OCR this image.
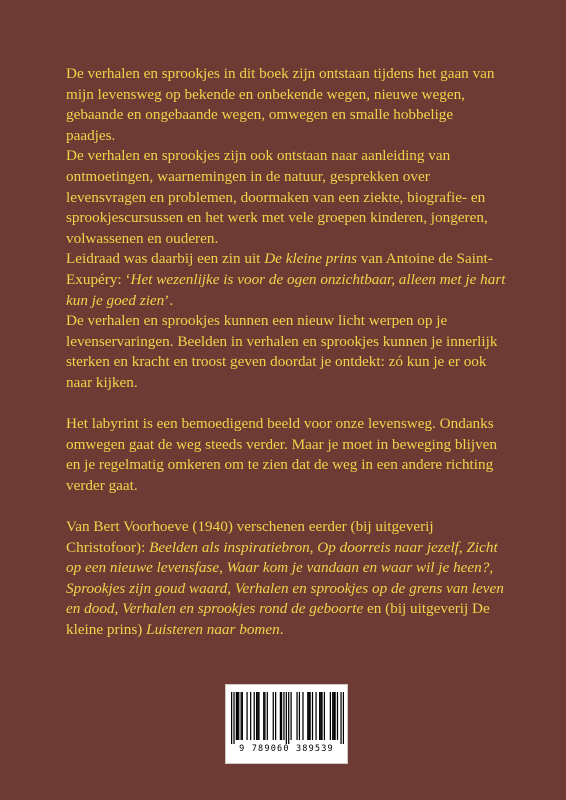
De verhalen en sprookjes in dit boek zijn ontstaan tijdens het gaan van mijn levensweg op bekende en onbekende wegen, nieuwe wegen, gebaande en ongebaande wegen, omwegen en smalle hobbelige paadjes.

De verhalen en sprookjes zijn ook ontstaan naar aanleiding van ontmoetingen, waarnemingen in de natuur, gesprekken over levensvragen en problemen, doormaken van een ziekte, biografie- en sprookjescursussen en het werk met vele groepen kinderen, jongeren, volwassenen en ouderen.

Leidraad was daarbij een zin uit De kleine prins van Antoine de Saint-Exupéry: ‘Het wezenlijke is voor de ogen onzichtbaar, alleen met je hart kun je goed zien’.

De verhalen en sprookjes kunnen een nieuw licht werpen op je levenservaringen. Beelden in verhalen en sprookjes kunnen je innerlijk sterken en kracht en troost geven doordat je ontdekt: zó kun je er ook naar kijken.

Het labyrint is een bemoedigend beeld voor onze levensweg. Ondanks omwegen gaat de weg steeds verder. Maar je moet in beweging blijven en je regelmatig omkeren om te zien dat de weg in een andere richting verder gaat.

Van Bert Voorhoeve (1940) verschenen eerder (bij uitgeverij Christofoor): Beelden als inspiratiebron, Op doorreis naar jezelf, Zicht op een nieuwe levensfase, Waar kom je vandaan en waar wil je heen?, Sprookjes zijn goud waard, Verhalen en sprookjes op de grens van leven en dood, Verhalen en sprookjes rond de geboorte en (bij uitgeverij De kleine prins) Luisteren naar bomen.

9 789060 389539
